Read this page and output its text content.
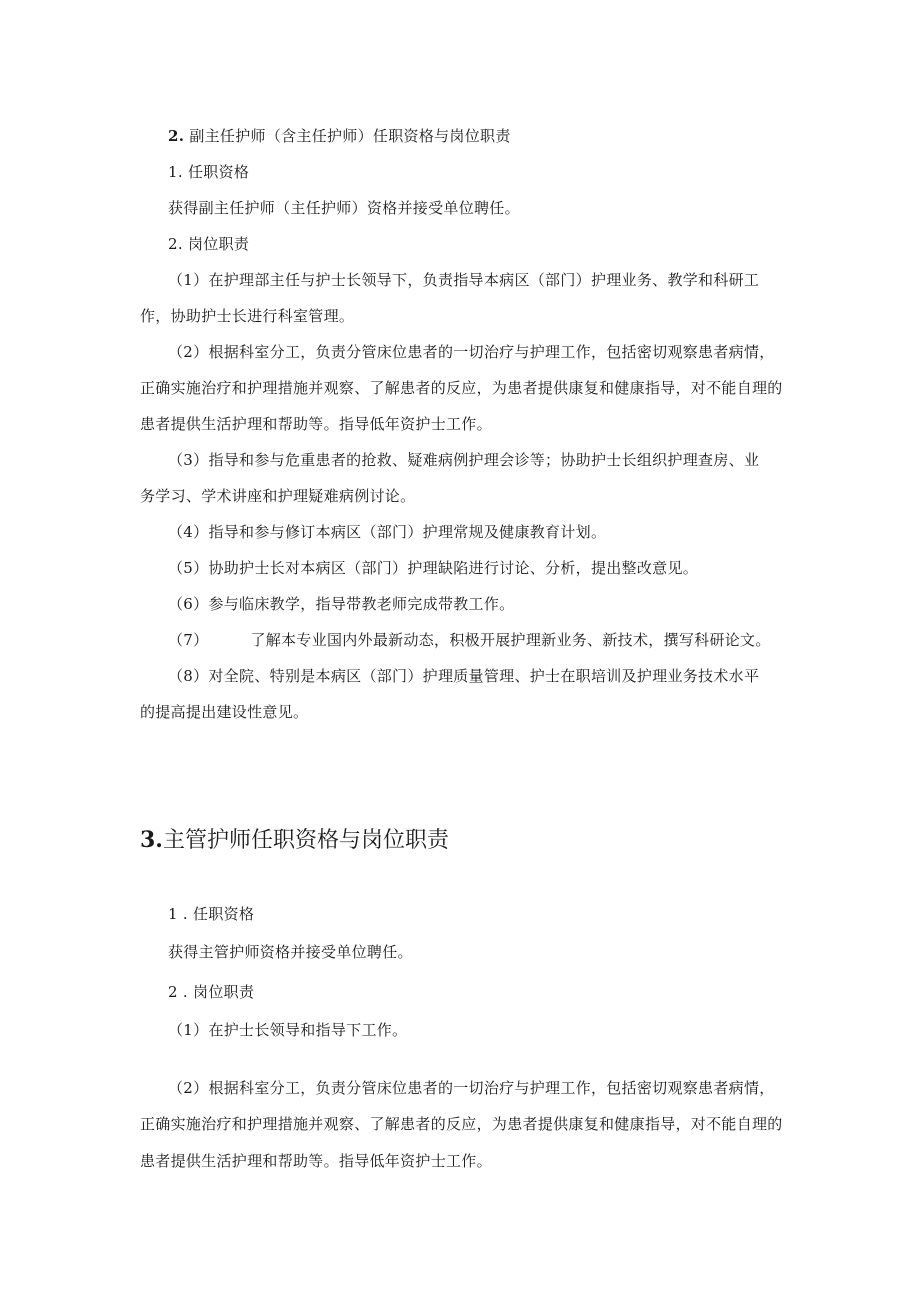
2. 副主任护师（含主任护师）任职资格与岗位职责
1. 任职资格
获得副主任护师（主任护师）资格并接受单位聘任。
2. 岗位职责
（1）在护理部主任与护士长领导下，负责指导本病区（部门）护理业务、教学和科研工
作，协助护士长进行科室管理。
（2）根据科室分工，负责分管床位患者的一切治疗与护理工作，包括密切观察患者病情，
正确实施治疗和护理措施并观察、了解患者的反应，为患者提供康复和健康指导，对不能自理的
患者提供生活护理和帮助等。指导低年资护士工作。
（3）指导和参与危重患者的抢救、疑难病例护理会诊等；协助护士长组织护理查房、业
务学习、学术讲座和护理疑难病例讨论。
（4）指导和参与修订本病区（部门）护理常规及健康教育计划。
（5）协助护士长对本病区（部门）护理缺陷进行讨论、分析，提出整改意见。
（6）参与临床教学，指导带教老师完成带教工作。
（7）	了解本专业国内外最新动态，积极开展护理新业务、新技术，撰写科研论文。
（8）对全院、特别是本病区（部门）护理质量管理、护士在职培训及护理业务技术水平
的提高提出建设性意见。
3.主管护师任职资格与岗位职责
1 . 任职资格
获得主管护师资格并接受单位聘任。
2 . 岗位职责
（1）在护士长领导和指导下工作。
（2）根据科室分工，负责分管床位患者的一切治疗与护理工作，包括密切观察患者病情，
正确实施治疗和护理措施并观察、了解患者的反应，为患者提供康复和健康指导，对不能自理的
患者提供生活护理和帮助等。指导低年资护士工作。
